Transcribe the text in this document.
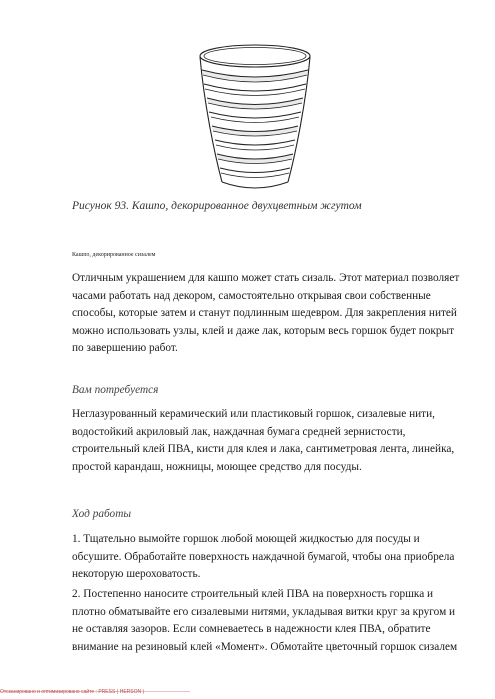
Рисунок 93. Кашпо, декорированное двухцветным жгутом
Кашпо, декорированное сизалем

Отличным украшением для кашпо может стать сизаль. Этот материал позволяет часами работать над декором, самостоятельно открывая свои собственные способы, которые затем и станут подлинным шедевром. Для закрепления нитей можно использовать узлы, клей и даже лак, которым весь горшок будет покрыт по завершению работ.

Вам потребуется

Неглазурованный керамический или пластиковый горшок, сизалевые нити, водостойкий акриловый лак, наждачная бумага средней зернистости, строительный клей ПВА, кисти для клея и лака, сантиметровая лента, линейка, простой карандаш, ножницы, моющее средство для посуды.

Ход работы

1. Тщательно вымойте горшок любой моющей жидкостью для посуды и обсушите. Обработайте поверхность наждачной бумагой, чтобы она приобрела некоторую шероховатость.

2. Постепенно наносите строительный клей ПВА на поверхность горшка и плотно обматывайте его сизалевыми нитями, укладывая витки круг за кругом и не оставляя зазоров. Если сомневаетесь в надежности клея ПВА, обратите внимание на резиновый клей «Момент». Обмотайте цветочный горшок сизалем

Отсканировано и оптимизировано сайте : PRESS ( HERSON )
